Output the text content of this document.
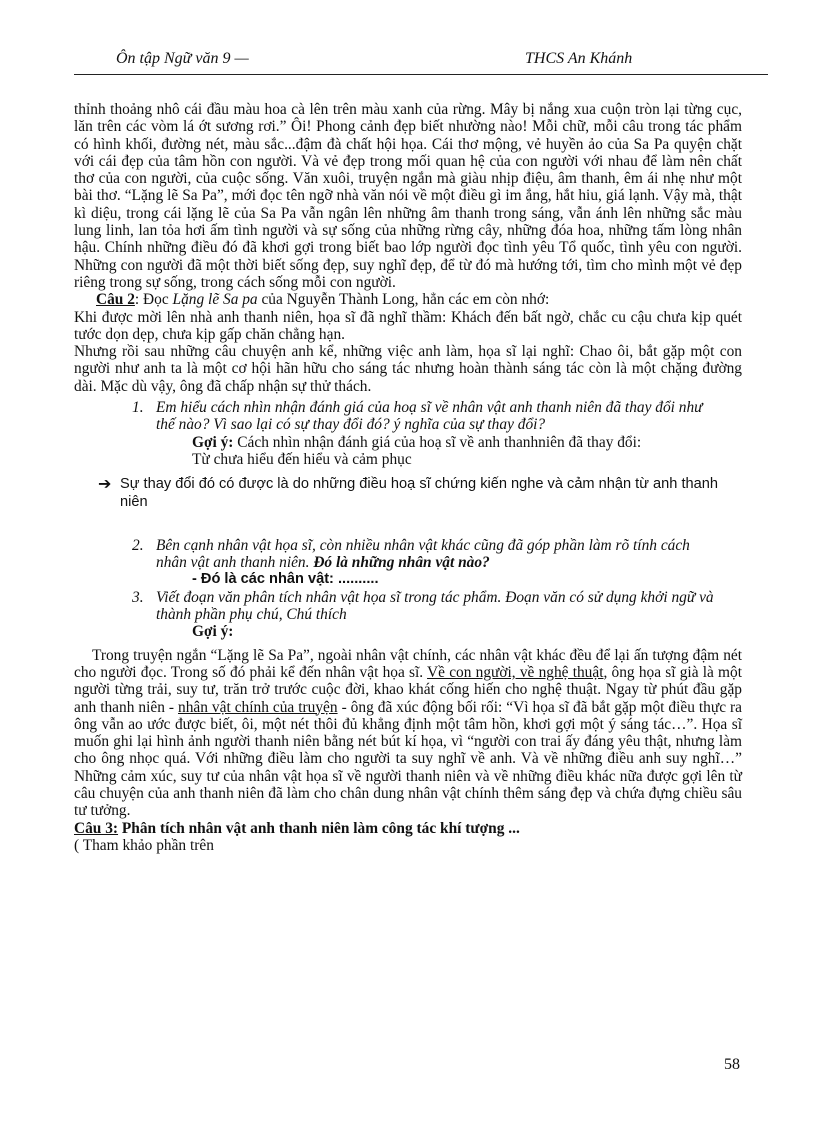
Ôn tập Ngữ văn 9 —	THCS An Khánh

thỉnh thoảng nhô cái đầu màu hoa cà lên trên màu xanh của rừng. Mây bị nắng xua cuộn tròn lại từng cục, lăn trên các vòm lá ớt sương rơi.” Ôi! Phong cảnh đẹp biết nhường nào! Mỗi chữ, mỗi câu trong tác phẩm có hình khối, đường nét, màu sắc...đậm đà chất hội họa. Cái thơ mộng, vẻ huyền ảo của Sa Pa quyện chặt với cái đẹp của tâm hồn con người. Và vẻ đẹp trong mối quan hệ của con người với nhau để làm nên chất thơ của con người, của cuộc sống. Văn xuôi, truyện ngắn mà giàu nhịp điệu, âm thanh, êm ái nhẹ như một bài thơ. “Lặng lẽ Sa Pa”, mới đọc tên ngỡ nhà văn nói về một điều gì im ắng, hắt hiu, giá lạnh. Vậy mà, thật kì diệu, trong cái lặng lẽ của Sa Pa vẫn ngân lên những âm thanh trong sáng, vẫn ánh lên những sắc màu lung linh, lan tỏa hơi ấm tình người và sự sống của những rừng cây, những đóa hoa, những tấm lòng nhân hậu. Chính những điều đó đã khơi gợi trong biết bao lớp người đọc tình yêu Tổ quốc, tình yêu con người. Những con người đã một thời biết sống đẹp, suy nghĩ đẹp, để từ đó mà hướng tới, tìm cho mình một vẻ đẹp riêng trong sự sống, trong cách sống mỗi con người.

Câu 2: Đọc Lặng lẽ Sa pa của Nguyễn Thành Long, hẳn các em còn nhớ:

Khi được mời lên nhà anh thanh niên, họa sĩ đã nghĩ thầm: Khách đến bất ngờ, chắc cu cậu chưa kịp quét tước dọn dẹp, chưa kịp gấp chăn chẳng hạn.

Nhưng rồi sau những câu chuyện anh kể, những việc anh làm, họa sĩ lại nghĩ: Chao ôi, bắt gặp một con người như anh ta là một cơ hội hãn hữu cho sáng tác nhưng hoàn thành sáng tác còn là một chặng đường dài. Mặc dù vậy, ông đã chấp nhận sự thử thách.

1. Em hiểu cách nhìn nhận đánh giá của hoạ sĩ về nhân vật anh thanh niên đã thay đổi như thế nào? Vì sao lại có sự thay đổi đó? ý nghĩa của sự thay đổi?
Gợi ý: Cách nhìn nhận đánh giá của hoạ sĩ về anh thanhniên đã thay đổi:
Từ chưa hiểu đến hiểu và cảm phục
➔ Sự thay đổi đó có được là do những điều hoạ sĩ chứng kiến nghe và cảm nhận từ anh thanh niên
2. Bên cạnh nhân vật họa sĩ, còn nhiều nhân vật khác cũng đã góp phần làm rõ tính cách nhân vật anh thanh niên. Đó là những nhân vật nào?
- Đó là các nhân vật: ..........
3. Viết đoạn văn phân tích nhân vật họa sĩ trong tác phẩm. Đoạn văn có sử dụng khởi ngữ và thành phần phụ chú, Chú thích
Gợi ý:

Trong truyện ngắn “Lặng lẽ Sa Pa”, ngoài nhân vật chính, các nhân vật khác đều để lại ấn tượng đậm nét cho người đọc. Trong số đó phải kể đến nhân vật họa sĩ. Về con người, về nghệ thuật, ông họa sĩ già là một người từng trải, suy tư, trăn trở trước cuộc đời, khao khát cống hiến cho nghệ thuật. Ngay từ phút đầu gặp anh thanh niên - nhân vật chính của truyện - ông đã xúc động bối rối: “Vì họa sĩ đã bắt gặp một điều thực ra ông vẫn ao ước được biết, ôi, một nét thôi đủ khẳng định một tâm hồn, khơi gợi một ý sáng tác…”. Họa sĩ muốn ghi lại hình ảnh người thanh niên bằng nét bút kí họa, vì “người con trai ấy đáng yêu thật, nhưng làm cho ông nhọc quá. Với những điều làm cho người ta suy nghĩ về anh. Và về những điều anh suy nghĩ…” Những cảm xúc, suy tư của nhân vật họa sĩ về người thanh niên và về những điều khác nữa được gợi lên từ câu chuyện của anh thanh niên đã làm cho chân dung nhân vật chính thêm sáng đẹp và chứa đựng chiều sâu tư tưởng.

Câu 3: Phân tích nhân vật anh thanh niên làm công tác khí tượng ...

( Tham khảo phần trên

58
